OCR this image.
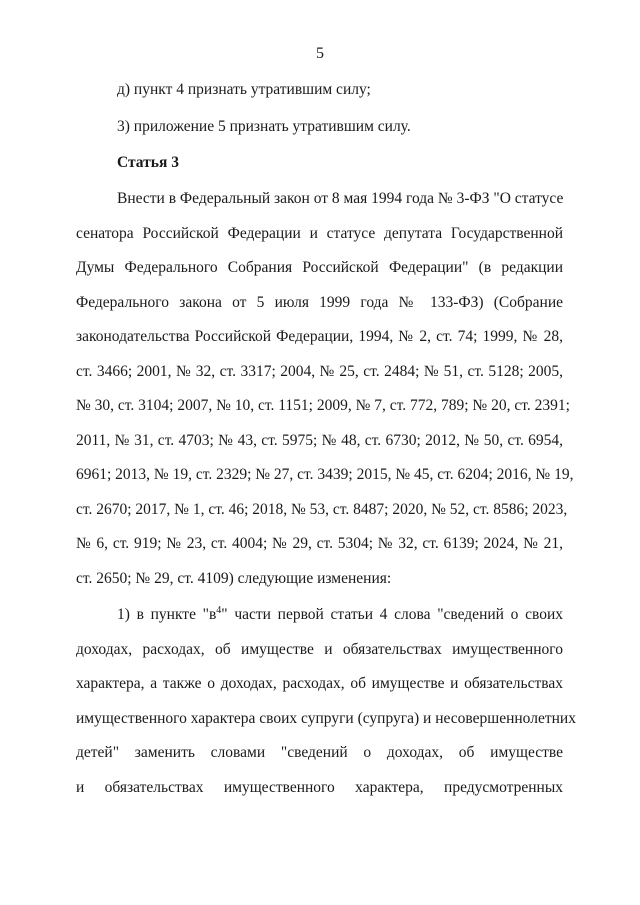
5
д) пункт 4 признать утратившим силу;
3) приложение 5 признать утратившим силу.
Статья 3
Внести в Федеральный закон от 8 мая 1994 года № 3-ФЗ "О статусе
сенатора Российской Федерации и статусе депутата Государственной
Думы Федерального Собрания Российской Федерации" (в редакции
Федерального закона от 5 июля 1999 года № 133-ФЗ) (Собрание
законодательства Российской Федерации, 1994, № 2, ст. 74; 1999, № 28,
ст. 3466; 2001, № 32, ст. 3317; 2004, № 25, ст. 2484; № 51, ст. 5128; 2005,
№ 30, ст. 3104; 2007, № 10, ст. 1151; 2009, № 7, ст. 772, 789; № 20, ст. 2391;
2011, № 31, ст. 4703; № 43, ст. 5975; № 48, ст. 6730; 2012, № 50, ст. 6954,
6961; 2013, № 19, ст. 2329; № 27, ст. 3439; 2015, № 45, ст. 6204; 2016, № 19,
ст. 2670; 2017, № 1, ст. 46; 2018, № 53, ст. 8487; 2020, № 52, ст. 8586; 2023,
№ 6, ст. 919; № 23, ст. 4004; № 29, ст. 5304; № 32, ст. 6139; 2024, № 21,
ст. 2650; № 29, ст. 4109) следующие изменения:
1) в пункте "$в^4$" части первой статьи 4 слова "сведений о своих
доходах, расходах, об имуществе и обязательствах имущественного
характера, а также о доходах, расходах, об имуществе и обязательствах
имущественного характера своих супруги (супруга) и несовершеннолетних
детей" заменить словами "сведений о доходах, об имуществе
и обязательствах имущественного характера, предусмотренных
